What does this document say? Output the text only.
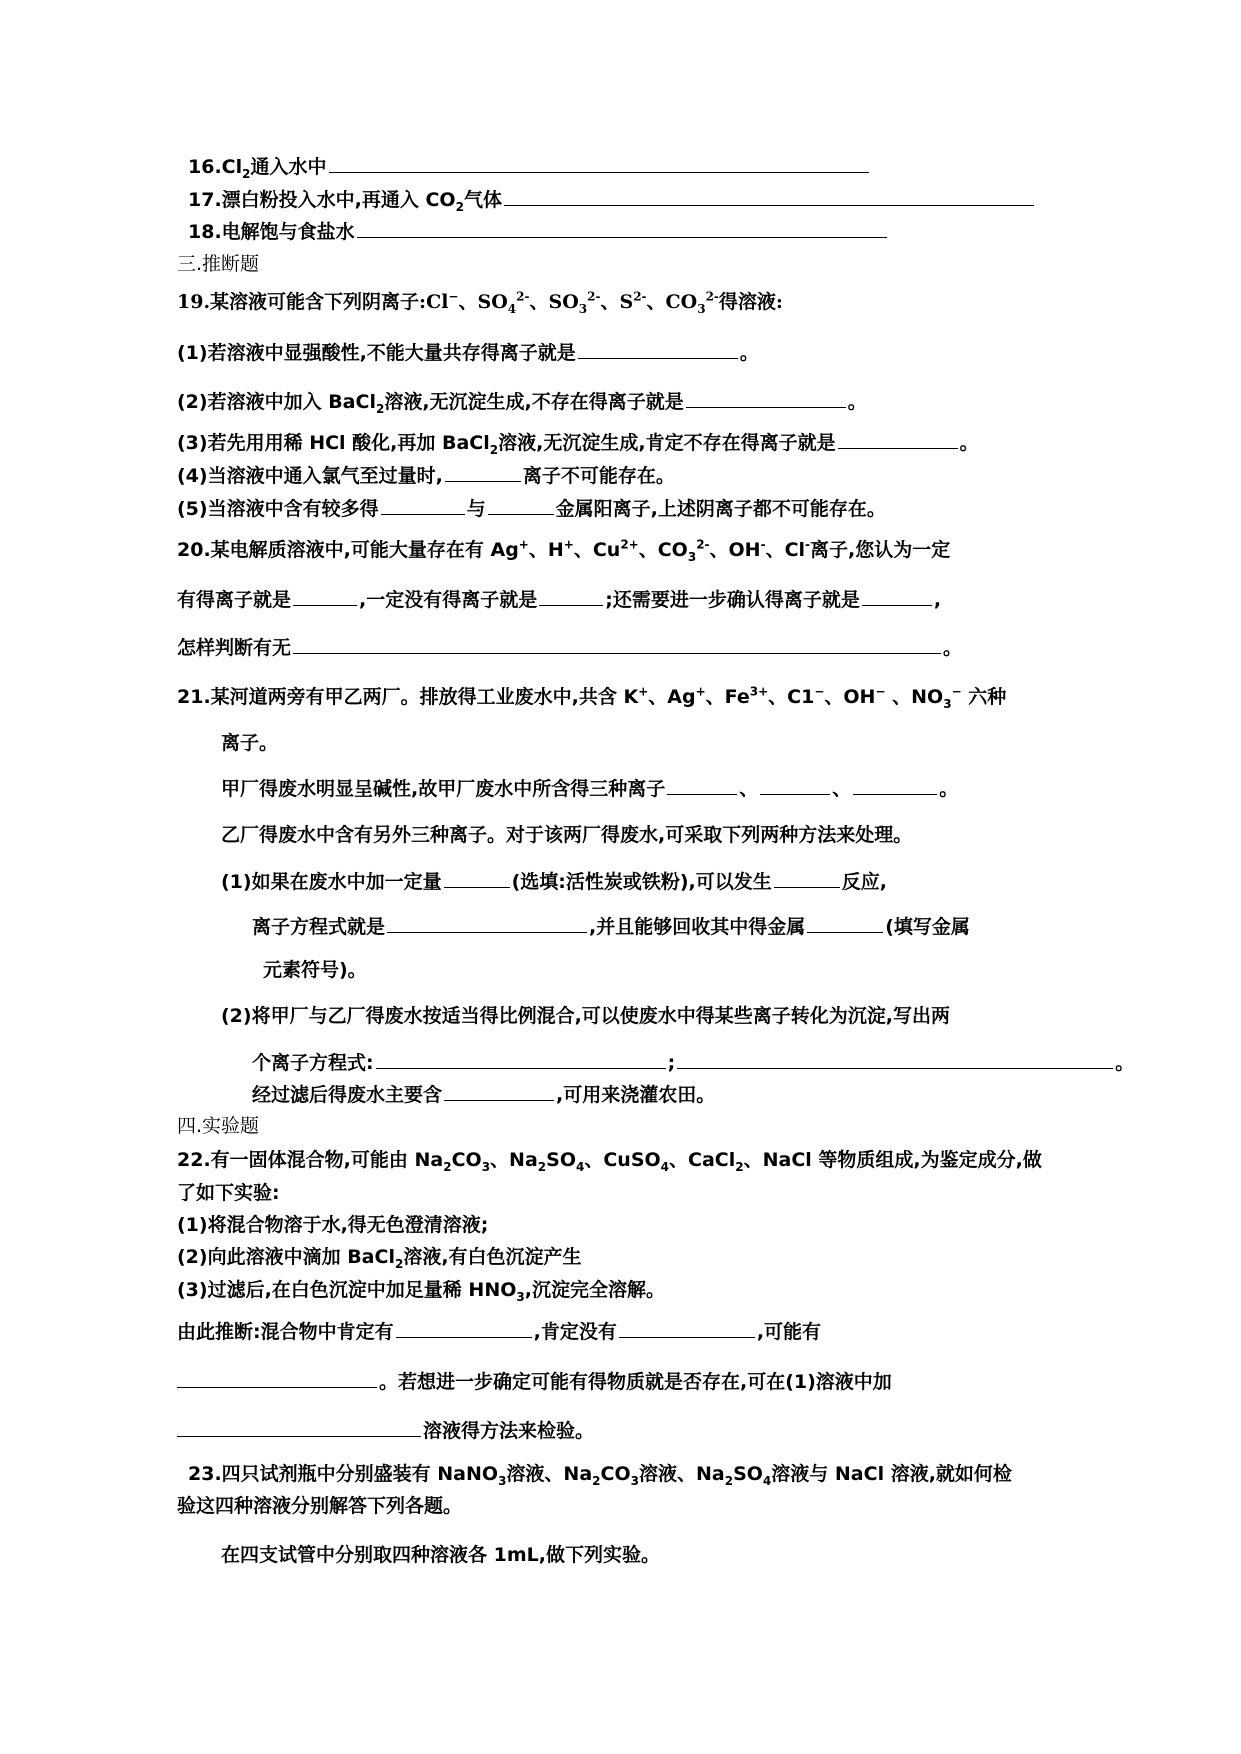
$16.Cl_2$通入水中
17.漂白粉投入水中,再通入 $CO_2$气体
18.电解饱与食盐水
三.推断题
19.某溶液可能含下列阴离子:Cl−、$SO_4^{2-}$、$SO_3^{2-}$、$S^{2-}$、$CO_3^{2-}$得溶液:
(1)若溶液中显强酸性,不能大量共存得离子就是	。
(2)若溶液中加入 BaCl$_2$溶液,无沉淀生成,不存在得离子就是	。
(3)若先用用稀 HCl 酸化,再加 BaCl$_2$溶液,无沉淀生成,肯定不存在得离子就是	。
(4)当溶液中通入氯气至过量时,	离子不可能存在。
(5)当溶液中含有较多得	与	金属阳离子,上述阴离子都不可能存在。
20.某电解质溶液中,可能大量存在有 Ag+、H+、$Cu^{2+}$、$CO_3^{2-}$、OH-、Cl-离子,您认为一定
有得离子就是	,一定没有得离子就是	;还需要进一步确认得离子就是	,
怎样判断有无	。
21.某河道两旁有甲乙两厂。排放得工业废水中,共含 K+、Ag+、$Fe^{3+}$、C1−、OH− 、$NO_3^-$ 六种
离子。
甲厂得废水明显呈碱性,故甲厂废水中所含得三种离子	、	、	。
乙厂得废水中含有另外三种离子。对于该两厂得废水,可采取下列两种方法来处理。
(1)如果在废水中加一定量	(选填:活性炭或铁粉),可以发生	反应,
离子方程式就是	,并且能够回收其中得金属	(填写金属
元素符号)。
(2)将甲厂与乙厂得废水按适当得比例混合,可以使废水中得某些离子转化为沉淀,写出两
个离子方程式:	;	。
经过滤后得废水主要含	,可用来浇灌农田。
四.实验题
22.有一固体混合物,可能由 $Na_2CO_3$、$Na_2SO_4$、CuSO$_4$、CaCl$_2$、NaCl 等物质组成,为鉴定成分,做
了如下实验:
(1)将混合物溶于水,得无色澄清溶液;
(2)向此溶液中滴加 BaCl$_2$溶液,有白色沉淀产生
(3)过滤后,在白色沉淀中加足量稀 $HNO_3$,沉淀完全溶解。
由此推断:混合物中肯定有	,肯定没有	,可能有
。若想进一步确定可能有得物质就是否存在,可在(1)溶液中加
溶液得方法来检验。
23.四只试剂瓶中分别盛装有 NaNO$_3$溶液、$Na_2CO_3$溶液、$Na_2SO_4$溶液与 NaCl 溶液,就如何检
验这四种溶液分别解答下列各题。
在四支试管中分别取四种溶液各 1mL,做下列实验。
